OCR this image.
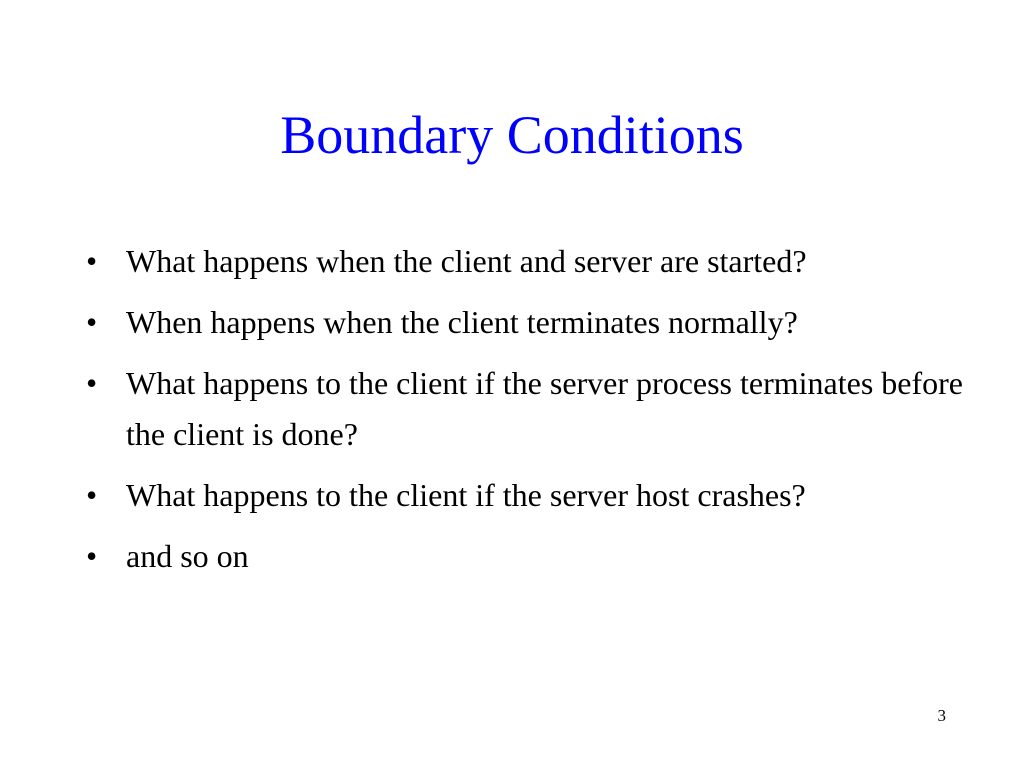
Boundary Conditions
• What happens when the client and server are started?
• When happens when the client terminates normally?
• What happens to the client if the server process terminates before the client is done?
• What happens to the client if the server host crashes?
• and so on
3
